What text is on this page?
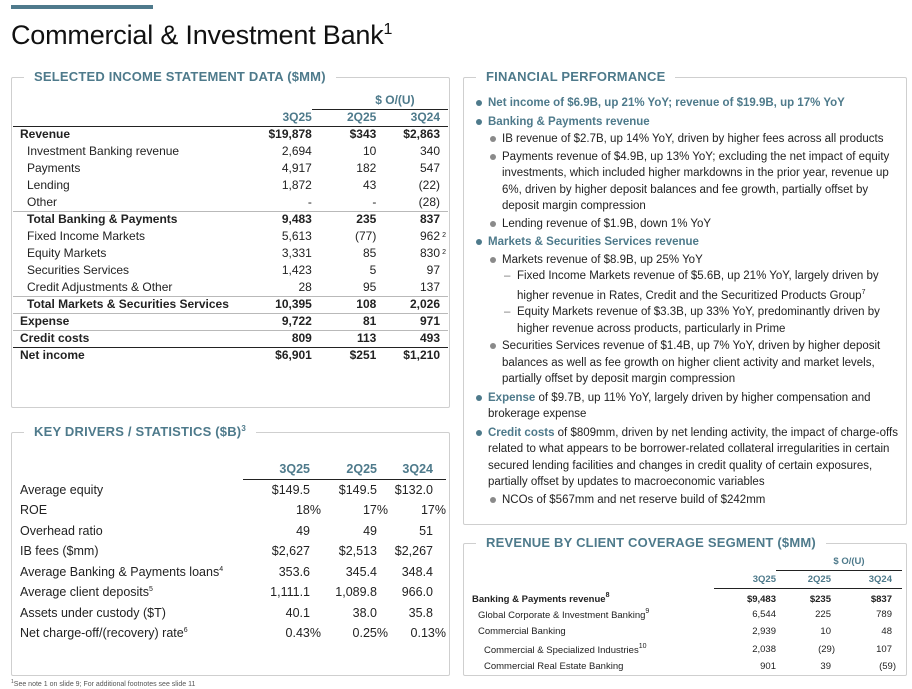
Commercial & Investment Bank$^1$
SELECTED INCOME STATEMENT DATA ($MM)
		$ O/(U)	
	3Q25	2Q25	3Q24
Revenue	$19,878	$343	$2,863
Investment Banking revenue	2,694	10	340
Payments	4,917	182	547
Lending	1,872	43	(22)
Other	-	-	(28)
Total Banking & Payments	9,483	235	837
Fixed Income Markets	5,613	(77)	962 2

Equity Markets	3,331	85	830 2

Securities Services	1,423	5	97
Credit Adjustments & Other	28	95	137
Total Markets & Securities Services	10,395	108	2,026
Expense	9,722	81	971
Credit costs	809	113	493
Net income	$6,901	$251	$1,210
KEY DRIVERS / STATISTICS ($B)$^3$
	3Q25	2Q25	3Q24
Average equity	$149.5	$149.5	$132.0
ROE	18%	17%	17%
Overhead ratio	49	49	51
IB fees ($mm)	$2,627	$2,513	$2,267
Average Banking & Payments loans$^4$	353.6	345.4	348.4
Average client deposits$^5$	1,111.1	1,089.8	966.0
Assets under custody ($T)	40.1	38.0	35.8
Net charge-off/(recovery) rate$^6$	0.43%	0.25%	0.13%
FINANCIAL PERFORMANCE
Net income of $6.9B, up 21% YoY; revenue of $19.9B, up 17% YoY
Banking & Payments revenue
IB revenue of $2.7B, up 14% YoY, driven by higher fees across all products
Payments revenue of $4.9B, up 13% YoY; excluding the net impact of equity investments, which included higher markdowns in the prior year, revenue up 6%, driven by higher deposit balances and fee growth, partially offset by deposit margin compression
Lending revenue of $1.9B, down 1% YoY
Markets & Securities Services revenue
Markets revenue of $8.9B, up 25% YoY
– Fixed Income Markets revenue of $5.6B, up 21% YoY, largely driven by higher revenue in Rates, Credit and the Securitized Products Group$^7$
– Equity Markets revenue of $3.3B, up 33% YoY, predominantly driven by higher revenue across products, particularly in Prime
Securities Services revenue of $1.4B, up 7% YoY, driven by higher deposit balances as well as fee growth on higher client activity and market levels, partially offset by deposit margin compression
Expense of $9.7B, up 11% YoY, largely driven by higher compensation and brokerage expense
Credit costs of $809mm, driven by net lending activity, the impact of charge-offs related to what appears to be borrower-related collateral irregularities in certain secured lending facilities and changes in credit quality of certain exposures, partially offset by updates to macroeconomic variables
NCOs of $567mm and net reserve build of $242mm
REVENUE BY CLIENT COVERAGE SEGMENT ($MM)
		$ O/(U)	
	3Q25	2Q25	3Q24
Banking & Payments revenue$^8$	$9,483	$235	$837
Global Corporate & Investment Banking$^9$	6,544	225	789
Commercial Banking	2,939	10	48
Commercial & Specialized Industries$^{10}$	2,038	(29)	107
Commercial Real Estate Banking	901	39	(59)
$^1$See note 1 on slide 9; For additional footnotes see slide 11
